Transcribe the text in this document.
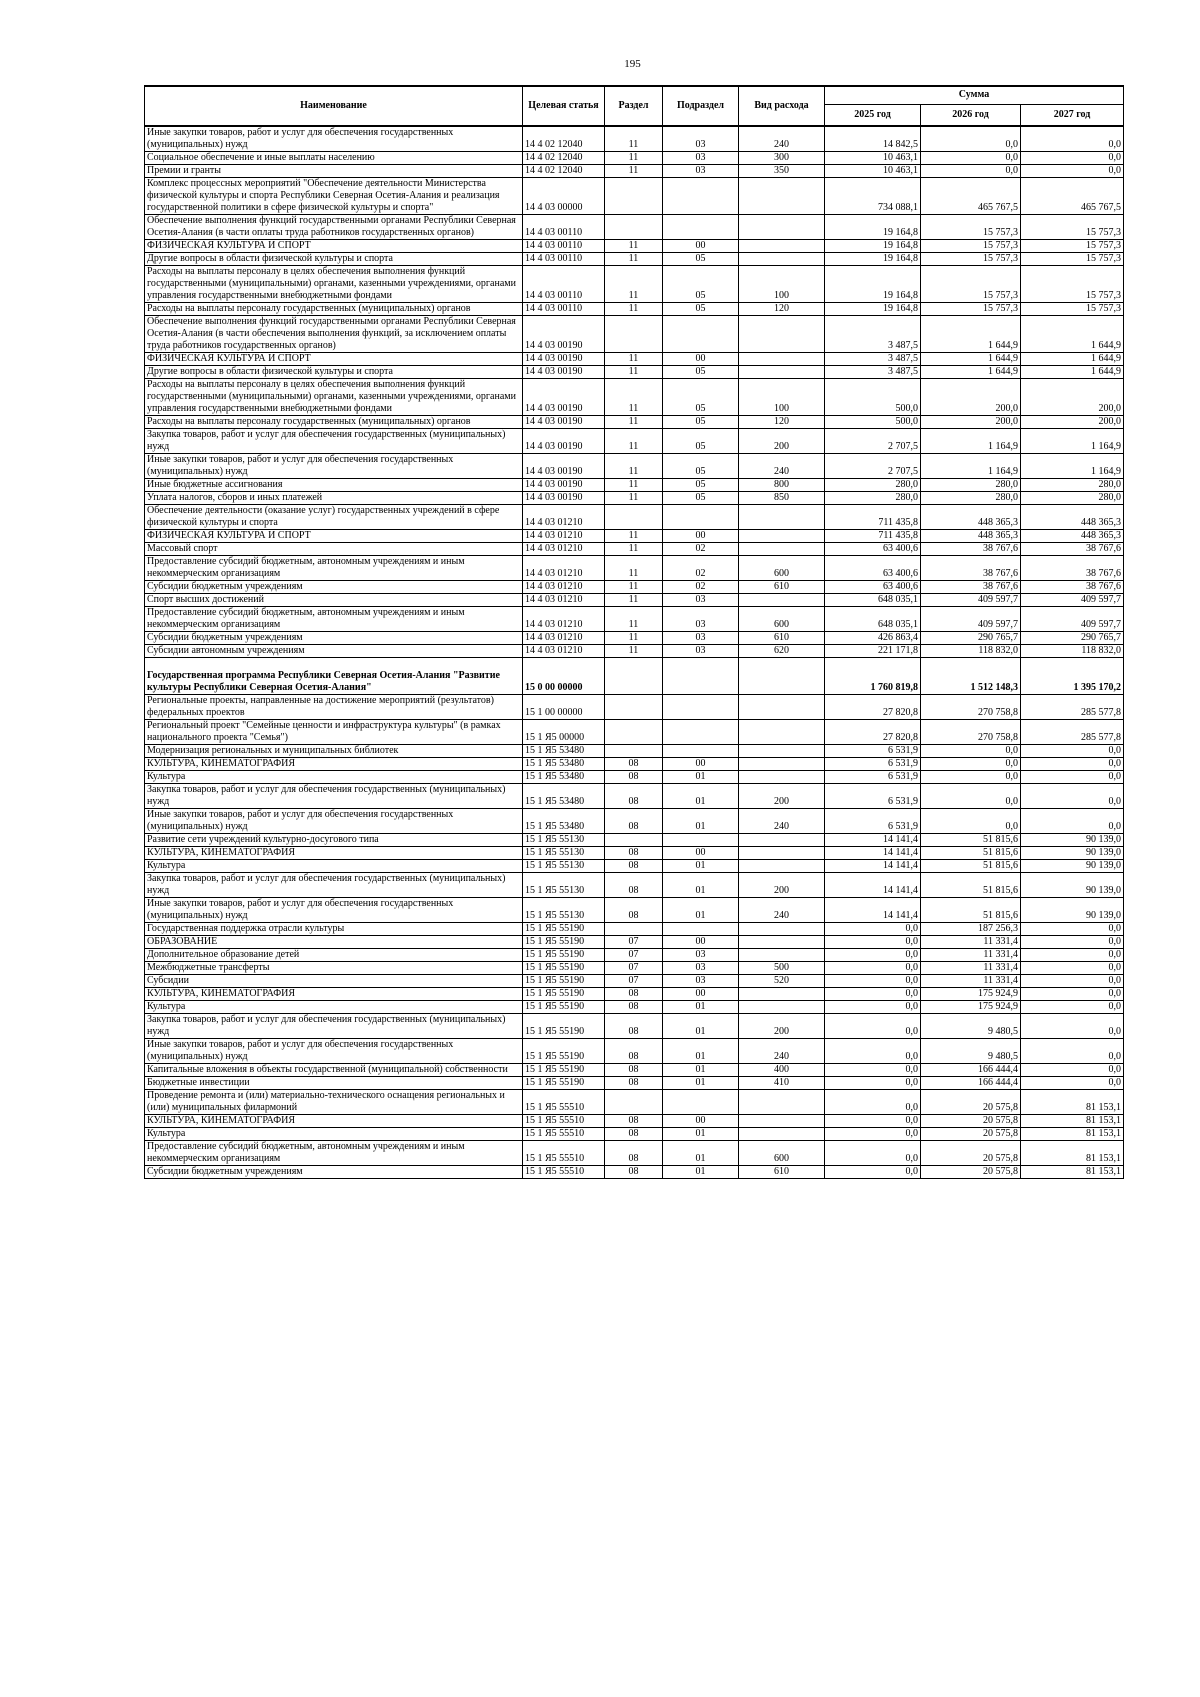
195
Наименование	Целевая статья	Раздел	Подраздел	Вид расхода	Сумма		
					2025 год	2026 год	2027 год
Иные закупки товаров, работ и услуг для обеспечения государственных (муниципальных) нужд	14 4 02 12040	11	03	240	14 842,5	0,0	0,0
Социальное обеспечение и иные выплаты населению	14 4 02 12040	11	03	300	10 463,1	0,0	0,0
Премии и гранты	14 4 02 12040	11	03	350	10 463,1	0,0	0,0
Комплекс процессных мероприятий "Обеспечение деятельности Министерства физической культуры и спорта Республики Северная Осетия-Алания и реализация государственной политики в сфере физической культуры и спорта"	14 4 03 00000				734 088,1	465 767,5	465 767,5
Обеспечение выполнения функций государственными органами Республики Северная Осетия-Алания (в части оплаты труда работников государственных органов)	14 4 03 00110				19 164,8	15 757,3	15 757,3
ФИЗИЧЕСКАЯ КУЛЬТУРА И СПОРТ	14 4 03 00110	11	00		19 164,8	15 757,3	15 757,3
Другие вопросы в области физической культуры и спорта	14 4 03 00110	11	05		19 164,8	15 757,3	15 757,3
Расходы на выплаты персоналу в целях обеспечения выполнения функций государственными (муниципальными) органами, казенными учреждениями, органами управления государственными внебюджетными фондами	14 4 03 00110	11	05	100	19 164,8	15 757,3	15 757,3
Расходы на выплаты персоналу государственных (муниципальных) органов	14 4 03 00110	11	05	120	19 164,8	15 757,3	15 757,3
Обеспечение выполнения функций государственными органами Республики Северная Осетия-Алания (в части обеспечения выполнения функций, за исключением оплаты труда работников государственных органов)	14 4 03 00190				3 487,5	1 644,9	1 644,9
ФИЗИЧЕСКАЯ КУЛЬТУРА И СПОРТ	14 4 03 00190	11	00		3 487,5	1 644,9	1 644,9
Другие вопросы в области физической культуры и спорта	14 4 03 00190	11	05		3 487,5	1 644,9	1 644,9
Расходы на выплаты персоналу в целях обеспечения выполнения функций государственными (муниципальными) органами, казенными учреждениями, органами управления государственными внебюджетными фондами	14 4 03 00190	11	05	100	500,0	200,0	200,0
Расходы на выплаты персоналу государственных (муниципальных) органов	14 4 03 00190	11	05	120	500,0	200,0	200,0
Закупка товаров, работ и услуг для обеспечения государственных (муниципальных) нужд	14 4 03 00190	11	05	200	2 707,5	1 164,9	1 164,9
Иные закупки товаров, работ и услуг для обеспечения государственных (муниципальных) нужд	14 4 03 00190	11	05	240	2 707,5	1 164,9	1 164,9
Иные бюджетные ассигнования	14 4 03 00190	11	05	800	280,0	280,0	280,0
Уплата налогов, сборов и иных платежей	14 4 03 00190	11	05	850	280,0	280,0	280,0
Обеспечение деятельности (оказание услуг) государственных учреждений в сфере физической культуры и спорта	14 4 03 01210				711 435,8	448 365,3	448 365,3
ФИЗИЧЕСКАЯ КУЛЬТУРА И СПОРТ	14 4 03 01210	11	00		711 435,8	448 365,3	448 365,3
Массовый спорт	14 4 03 01210	11	02		63 400,6	38 767,6	38 767,6
Предоставление субсидий бюджетным, автономным учреждениям и иным некоммерческим организациям	14 4 03 01210	11	02	600	63 400,6	38 767,6	38 767,6
Субсидии бюджетным учреждениям	14 4 03 01210	11	02	610	63 400,6	38 767,6	38 767,6
Спорт высших достижений	14 4 03 01210	11	03		648 035,1	409 597,7	409 597,7
Предоставление субсидий бюджетным, автономным учреждениям и иным некоммерческим организациям	14 4 03 01210	11	03	600	648 035,1	409 597,7	409 597,7
Субсидии бюджетным учреждениям	14 4 03 01210	11	03	610	426 863,4	290 765,7	290 765,7
Субсидии автономным учреждениям	14 4 03 01210	11	03	620	221 171,8	118 832,0	118 832,0
Государственная программа Республики Северная Осетия-Алания "Развитие культуры Республики Северная Осетия-Алания"	15 0 00 00000				1 760 819,8	1 512 148,3	1 395 170,2
Региональные проекты, направленные на достижение мероприятий (результатов) федеральных проектов	15 1 00 00000				27 820,8	270 758,8	285 577,8
Региональный проект "Семейные ценности и инфраструктура культуры" (в рамках национального проекта "Семья")	15 1 Я5 00000				27 820,8	270 758,8	285 577,8
Модернизация региональных и муниципальных библиотек	15 1 Я5 53480				6 531,9	0,0	0,0
КУЛЬТУРА, КИНЕМАТОГРАФИЯ	15 1 Я5 53480	08	00		6 531,9	0,0	0,0
Культура	15 1 Я5 53480	08	01		6 531,9	0,0	0,0
Закупка товаров, работ и услуг для обеспечения государственных (муниципальных) нужд	15 1 Я5 53480	08	01	200	6 531,9	0,0	0,0
Иные закупки товаров, работ и услуг для обеспечения государственных (муниципальных) нужд	15 1 Я5 53480	08	01	240	6 531,9	0,0	0,0
Развитие сети учреждений культурно-досугового типа	15 1 Я5 55130				14 141,4	51 815,6	90 139,0
КУЛЬТУРА, КИНЕМАТОГРАФИЯ	15 1 Я5 55130	08	00		14 141,4	51 815,6	90 139,0
Культура	15 1 Я5 55130	08	01		14 141,4	51 815,6	90 139,0
Закупка товаров, работ и услуг для обеспечения государственных (муниципальных) нужд	15 1 Я5 55130	08	01	200	14 141,4	51 815,6	90 139,0
Иные закупки товаров, работ и услуг для обеспечения государственных (муниципальных) нужд	15 1 Я5 55130	08	01	240	14 141,4	51 815,6	90 139,0
Государственная поддержка отрасли культуры	15 1 Я5 55190				0,0	187 256,3	0,0
ОБРАЗОВАНИЕ	15 1 Я5 55190	07	00		0,0	11 331,4	0,0
Дополнительное образование детей	15 1 Я5 55190	07	03		0,0	11 331,4	0,0
Межбюджетные трансферты	15 1 Я5 55190	07	03	500	0,0	11 331,4	0,0
Субсидии	15 1 Я5 55190	07	03	520	0,0	11 331,4	0,0
КУЛЬТУРА, КИНЕМАТОГРАФИЯ	15 1 Я5 55190	08	00		0,0	175 924,9	0,0
Культура	15 1 Я5 55190	08	01		0,0	175 924,9	0,0
Закупка товаров, работ и услуг для обеспечения государственных (муниципальных) нужд	15 1 Я5 55190	08	01	200	0,0	9 480,5	0,0
Иные закупки товаров, работ и услуг для обеспечения государственных (муниципальных) нужд	15 1 Я5 55190	08	01	240	0,0	9 480,5	0,0
Капитальные вложения в объекты государственной (муниципальной) собственности	15 1 Я5 55190	08	01	400	0,0	166 444,4	0,0
Бюджетные инвестиции	15 1 Я5 55190	08	01	410	0,0	166 444,4	0,0
Проведение ремонта и (или) материально-технического оснащения региональных и (или) муниципальных филармоний	15 1 Я5 55510				0,0	20 575,8	81 153,1
КУЛЬТУРА, КИНЕМАТОГРАФИЯ	15 1 Я5 55510	08	00		0,0	20 575,8	81 153,1
Культура	15 1 Я5 55510	08	01		0,0	20 575,8	81 153,1
Предоставление субсидий бюджетным, автономным учреждениям и иным некоммерческим организациям	15 1 Я5 55510	08	01	600	0,0	20 575,8	81 153,1
Субсидии бюджетным учреждениям	15 1 Я5 55510	08	01	610	0,0	20 575,8	81 153,1
